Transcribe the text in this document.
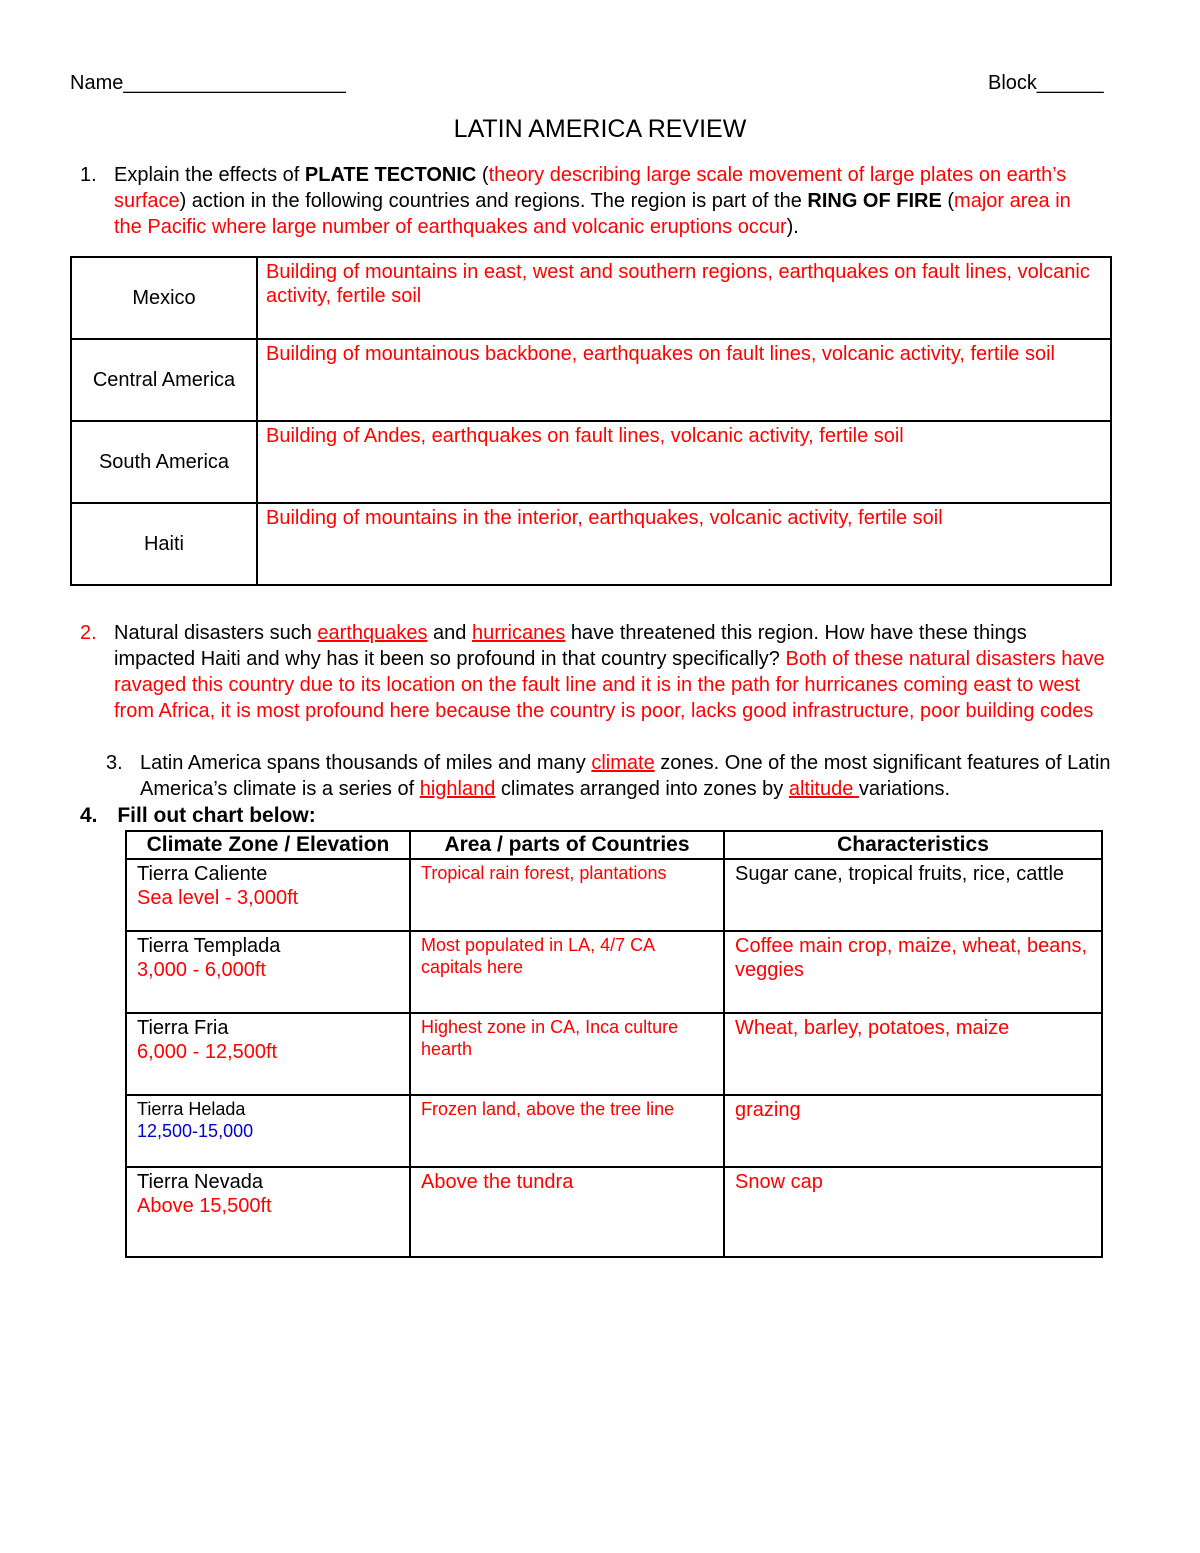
Name____________________	Block______
LATIN AMERICA REVIEW
1. Explain the effects of PLATE TECTONIC (theory describing large scale movement of large plates on earth’s surface) action in the following countries and regions. The region is part of the RING OF FIRE (major area in the Pacific where large number of earthquakes and volcanic eruptions occur).
Mexico	Building of mountains in east, west and southern regions, earthquakes on fault lines, volcanic activity, fertile soil
Central America	Building of mountainous backbone, earthquakes on fault lines, volcanic activity, fertile soil
South America	Building of Andes, earthquakes on fault lines, volcanic activity, fertile soil
Haiti	Building of mountains in the interior, earthquakes, volcanic activity, fertile soil
2. Natural disasters such earthquakes and hurricanes have threatened this region. How have these things impacted Haiti and why has it been so profound in that country specifically? Both of these natural disasters have ravaged this country due to its location on the fault line and it is in the path for hurricanes coming east to west from Africa, it is most profound here because the country is poor, lacks good infrastructure, poor building codes
3. Latin America spans thousands of miles and many climate zones. One of the most significant features of Latin America’s climate is a series of highland climates arranged into zones by altitude variations.
4. Fill out chart below:
Climate Zone / Elevation	Area / parts of Countries	Characteristics

Tierra Caliente
Sea level - 3,000ft	Tropical rain forest, plantations	Sugar cane, tropical fruits, rice, cattle

Tierra Templada
3,000 - 6,000ft	Most populated in LA, 4/7 CA capitals here	Coffee main crop, maize, wheat, beans, veggies

Tierra Fria
6,000 - 12,500ft	Highest zone in CA, Inca culture hearth	Wheat, barley, potatoes, maize

Tierra Helada
12,500-15,000	Frozen land, above the tree line	grazing

Tierra Nevada
Above 15,500ft	Above the tundra	Snow cap
